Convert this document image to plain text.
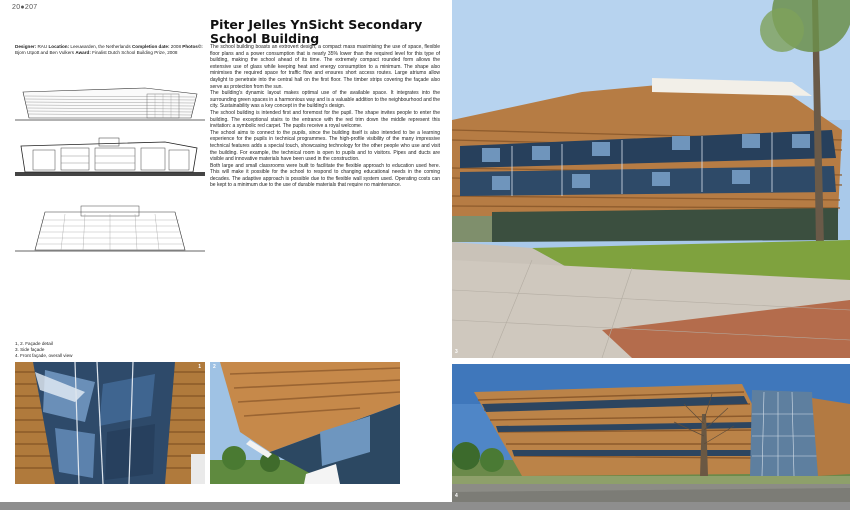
20●207
Piter Jelles YnSicht Secondary School Building
Designer: RAU Location: Leeuwarden, the Netherlands Completion date: 2008 Photos©: Bjorn Utpott and Ben Vulkers Award: Finalist Dutch School Building Prize, 2008

The school building boasts an extrovert design, a compact mass maximising the use of space, flexible floor plans and a power consumption that is nearly 35% lower than the required level for this type of building, making the school ahead of its time. The extremely compact rounded form allows the extensive use of glass while keeping heat and energy consumption to a minimum. The shape also minimises the required space for traffic flow and ensures short access routes. Large atriums allow daylight to penetrate into the central hall on the first floor. The timber strips covering the façade also serve as protection from the sun.

The building's dynamic layout makes optimal use of the available space. It integrates into the surrounding green spaces in a harmonious way and is a valuable addition to the neighbourhood and the city. Sustainability was a key concept in the building's design.

The school building is intended first and foremost for the pupil. The shape invites people to enter the building. The exceptional stairs to the entrance with the red trim down the middle represent this invitation: a symbolic red carpet. The pupils receive a royal welcome.

The school aims to connect to the pupils, since the building itself is also intended to be a learning experience for the pupils in technical programmes. The high-profile visibility of the many impressive technical features adds a special touch, showcasing technology for the other people who use and visit the building. For example, the technical room is open to pupils and to visitors. Pipes and ducts are visible and innovative materials have been used in the construction.

Both large and small classrooms were built to facilitate the flexible approach to education used here. This will make it possible for the school to respond to changing educational needs in the coming decades. The adaptive approach is possible due to the flexible wall system used. Operating costs can be kept to a minimum due to the use of durable materials that require no maintenance.

1, 2. Façade detail
3. Side façade
4. Front façade, overall view
1 2
3
4
